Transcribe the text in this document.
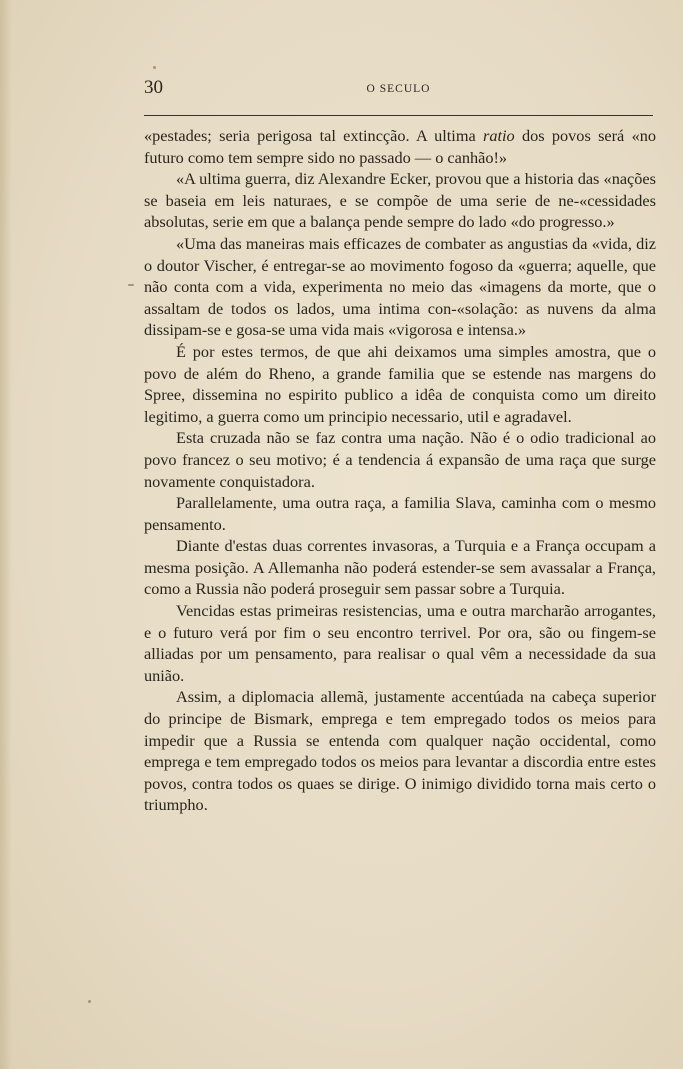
30	O SECULO

«pestades; seria perigosa tal extincção. A ultima ratio dos povos será «no futuro como tem sempre sido no passado — o canhão!»

«A ultima guerra, diz Alexandre Ecker, provou que a historia das «nações se baseia em leis naturaes, e se compõe de uma serie de ne-«cessidades absolutas, serie em que a balança pende sempre do lado «do progresso.»

«Uma das maneiras mais efficazes de combater as angustias da «vida, diz o doutor Vischer, é entregar-se ao movimento fogoso da «guerra; aquelle, que não conta com a vida, experimenta no meio das «imagens da morte, que o assaltam de todos os lados, uma intima con-«solação: as nuvens da alma dissipam-se e gosa-se uma vida mais «vigorosa e intensa.»

É por estes termos, de que ahi deixamos uma simples amostra, que o povo de além do Rheno, a grande familia que se estende nas margens do Spree, dissemina no espirito publico a idêa de conquista como um direito legitimo, a guerra como um principio necessario, util e agradavel.

Esta cruzada não se faz contra uma nação. Não é o odio tradicional ao povo francez o seu motivo; é a tendencia á expansão de uma raça que surge novamente conquistadora.

Parallelamente, uma outra raça, a familia Slava, caminha com o mesmo pensamento.

Diante d'estas duas correntes invasoras, a Turquia e a França occupam a mesma posição. A Allemanha não poderá estender-se sem avassalar a França, como a Russia não poderá proseguir sem passar sobre a Turquia.

Vencidas estas primeiras resistencias, uma e outra marcharão arrogantes, e o futuro verá por fim o seu encontro terrivel. Por ora, são ou fingem-se alliadas por um pensamento, para realisar o qual vêm a necessidade da sua união.

Assim, a diplomacia allemã, justamente accentúada na cabeça superior do principe de Bismark, emprega e tem empregado todos os meios para impedir que a Russia se entenda com qualquer nação occidental, como emprega e tem empregado todos os meios para levantar a discordia entre estes povos, contra todos os quaes se dirige. O inimigo dividido torna mais certo o triumpho.
